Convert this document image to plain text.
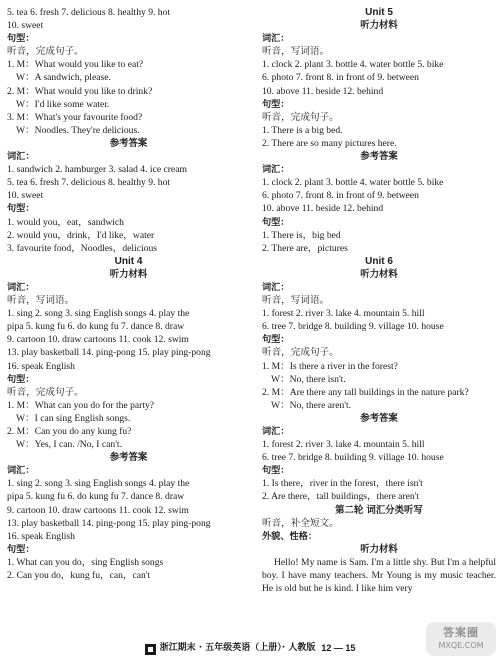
5. tea 6. fresh 7. delicious 8. healthy 9. hot
10. sweet
句型：
听音，完成句子。
1. M：What would you like to eat?
W：A sandwich, please.
2. M：What would you like to drink?
W：I'd like some water.
3. M：What's your favourite food?
W：Noodles. They're delicious.
参考答案
词汇：
1. sandwich 2. hamburger 3. salad 4. ice cream
5. tea 6. fresh 7. delicious 8. healthy 9. hot
10. sweet
句型：
1. would you，eat，sandwich
2. would you，drink，I'd like，water
3. favourite food，Noodles，delicious
Unit 4
听力材料
词汇：
听音，写词语。
1. sing 2. song 3. sing English songs 4. play the
pipa 5. kung fu 6. do kung fu 7. dance 8. draw
9. cartoon 10. draw cartoons 11. cook 12. swim
13. play basketball 14. ping-pong 15. play ping-pong
16. speak English
句型：
听音，完成句子。
1. M：What can you do for the party?
W：I can sing English songs.
2. M：Can you do any kung fu?
W：Yes, I can. /No, I can't.
参考答案
词汇：
1. sing 2. song 3. sing English songs 4. play the
pipa 5. kung fu 6. do kung fu 7. dance 8. draw
9. cartoon 10. draw cartoons 11. cook 12. swim
13. play basketball 14. ping-pong 15. play ping-pong
16. speak English
句型：
1. What can you do，sing English songs
2. Can you do，kung fu，can，can't
Unit 5
听力材料
词汇：
听音，写词语。
1. clock 2. plant 3. bottle 4. water bottle 5. bike
6. photo 7. front 8. in front of 9. between
10. above 11. beside 12. behind
句型：
听音，完成句子。
1. There is a big bed.
2. There are so many pictures here.
参考答案
词汇：
1. clock 2. plant 3. bottle 4. water bottle 5. bike
6. photo 7. front 8. in front of 9. between
10. above 11. beside 12. behind
句型：
1. There is，big bed
2. There are，pictures
Unit 6
听力材料
词汇：
听音，写词语。
1. forest 2. river 3. lake 4. mountain 5. hill
6. tree 7. bridge 8. building 9. village 10. house
句型：
听音，完成句子。
1. M：Is there a river in the forest?
W：No, there isn't.
2. M：Are there any tall buildings in the nature park?
W：No, there aren't.
参考答案
词汇：
1. forest 2. river 3. lake 4. mountain 5. hill
6. tree 7. bridge 8. building 9. village 10. house
句型：
1. Is there，river in the forest，there isn't
2. Are there，tall buildings，there aren't
第二轮 词汇分类听写
听音，补全短文。
外貌、性格：
听力材料
Hello! My name is Sam. I'm a little shy. But I'm a helpful boy. I have many teachers. Mr Young is my music teacher. He is old but he is kind. I like him very
浙江期末 · 五年级英语（上册）· 人教版 12 — 15
答案圈
MXQE.COM
